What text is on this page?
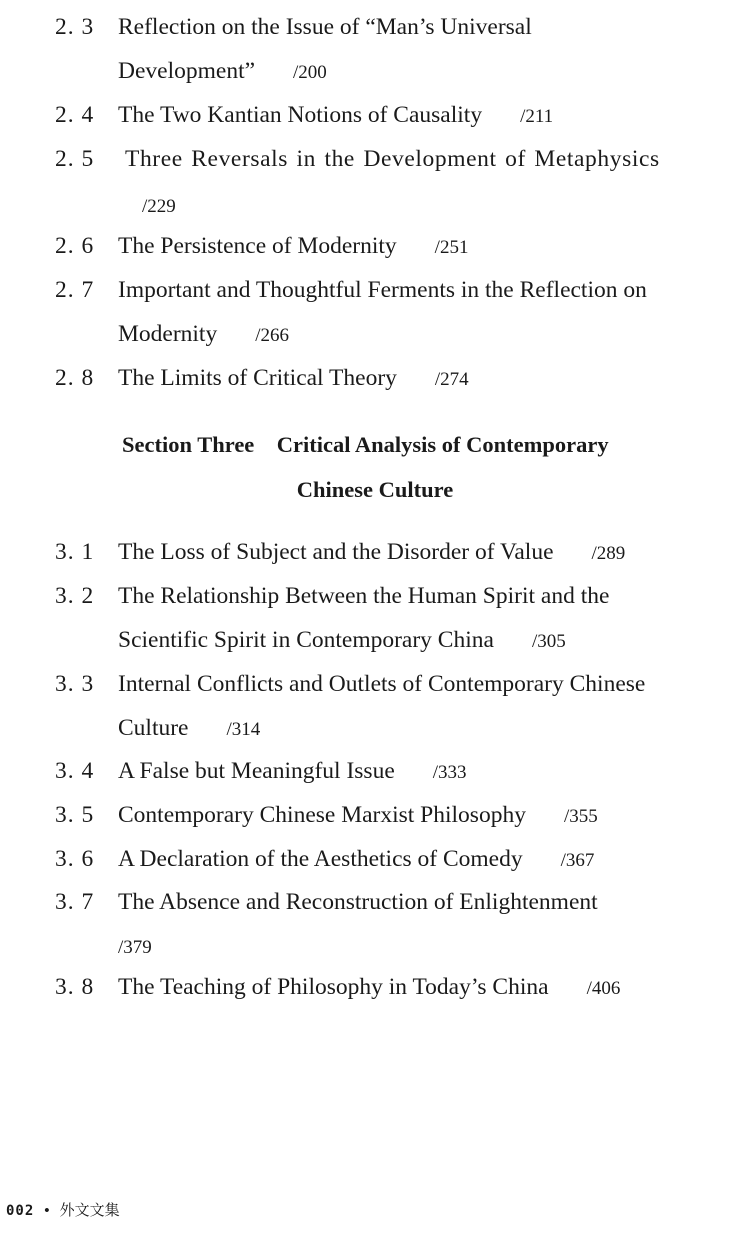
2. 3 Reflection on the Issue of “Man’s Universal
Development” /200
2. 4 The Two Kantian Notions of Causality /211
2. 5 Three Reversals in the Development of Metaphysics
/229
2. 6 The Persistence of Modernity /251
2. 7 Important and Thoughtful Ferments in the Reflection on
Modernity /266
2. 8 The Limits of Critical Theory /274
Section Three Critical Analysis of Contemporary
Chinese Culture
3. 1 The Loss of Subject and the Disorder of Value /289
3. 2 The Relationship Between the Human Spirit and the
Scientific Spirit in Contemporary China /305
3. 3 Internal Conflicts and Outlets of Contemporary Chinese
Culture /314
3. 4 A False but Meaningful Issue /333
3. 5 Contemporary Chinese Marxist Philosophy /355
3. 6 A Declaration of the Aesthetics of Comedy /367
3. 7 The Absence and Reconstruction of Enlightenment
/379
3. 8 The Teaching of Philosophy in Today’s China /406
002 • 外文文集
